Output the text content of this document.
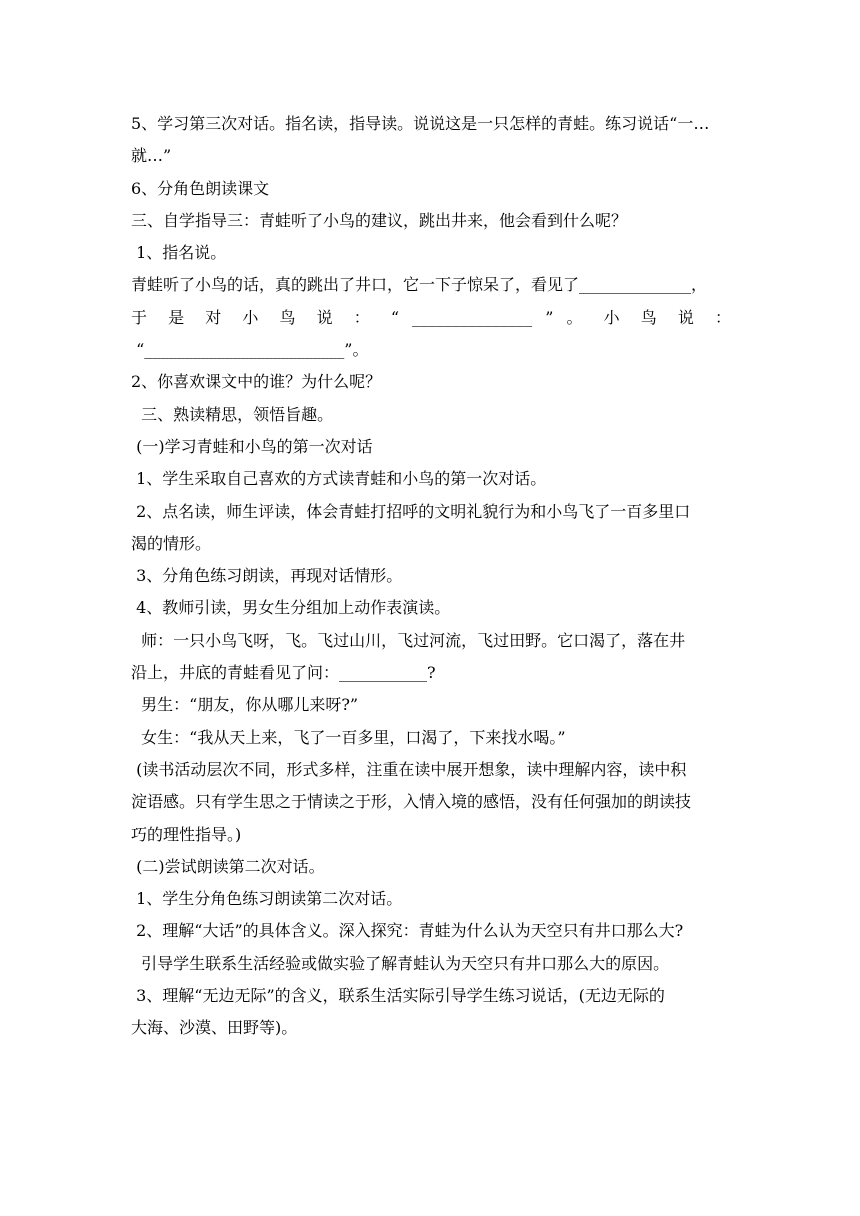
5、学习第三次对话。指名读，指导读。说说这是一只怎样的青蛙。练习说话“一…
就…”
6、分角色朗读课文
三、自学指导三：青蛙听了小鸟的建议，跳出井来，他会看到什么呢？
1、指名说。
青蛙听了小鸟的话，真的跳出了井口，它一下子惊呆了，看见了______________，
于 是 对 小 鸟 说 ： “ _______________ ” 。 小 鸟 说 ：
“_________________________”。
2、你喜欢课文中的谁？为什么呢？
三、熟读精思，领悟旨趣。
(一)学习青蛙和小鸟的第一次对话
1、学生采取自己喜欢的方式读青蛙和小鸟的第一次对话。
2、点名读，师生评读，体会青蛙打招呼的文明礼貌行为和小鸟飞了一百多里口
渴的情形。
3、分角色练习朗读，再现对话情形。
4、教师引读，男女生分组加上动作表演读。
师：一只小鸟飞呀，飞。飞过山川，飞过河流，飞过田野。它口渴了，落在井
沿上，井底的青蛙看见了问：___________?
男生：“朋友，你从哪儿来呀?”
女生：“我从天上来，飞了一百多里，口渴了，下来找水喝。”
(读书活动层次不同，形式多样，注重在读中展开想象，读中理解内容，读中积
淀语感。只有学生思之于情读之于形，入情入境的感悟，没有任何强加的朗读技
巧的理性指导。)
(二)尝试朗读第二次对话。
1、学生分角色练习朗读第二次对话。
2、理解“大话”的具体含义。深入探究：青蛙为什么认为天空只有井口那么大?
引导学生联系生活经验或做实验了解青蛙认为天空只有井口那么大的原因。
3、理解“无边无际”的含义，联系生活实际引导学生练习说话，(无边无际的
大海、沙漠、田野等)。
